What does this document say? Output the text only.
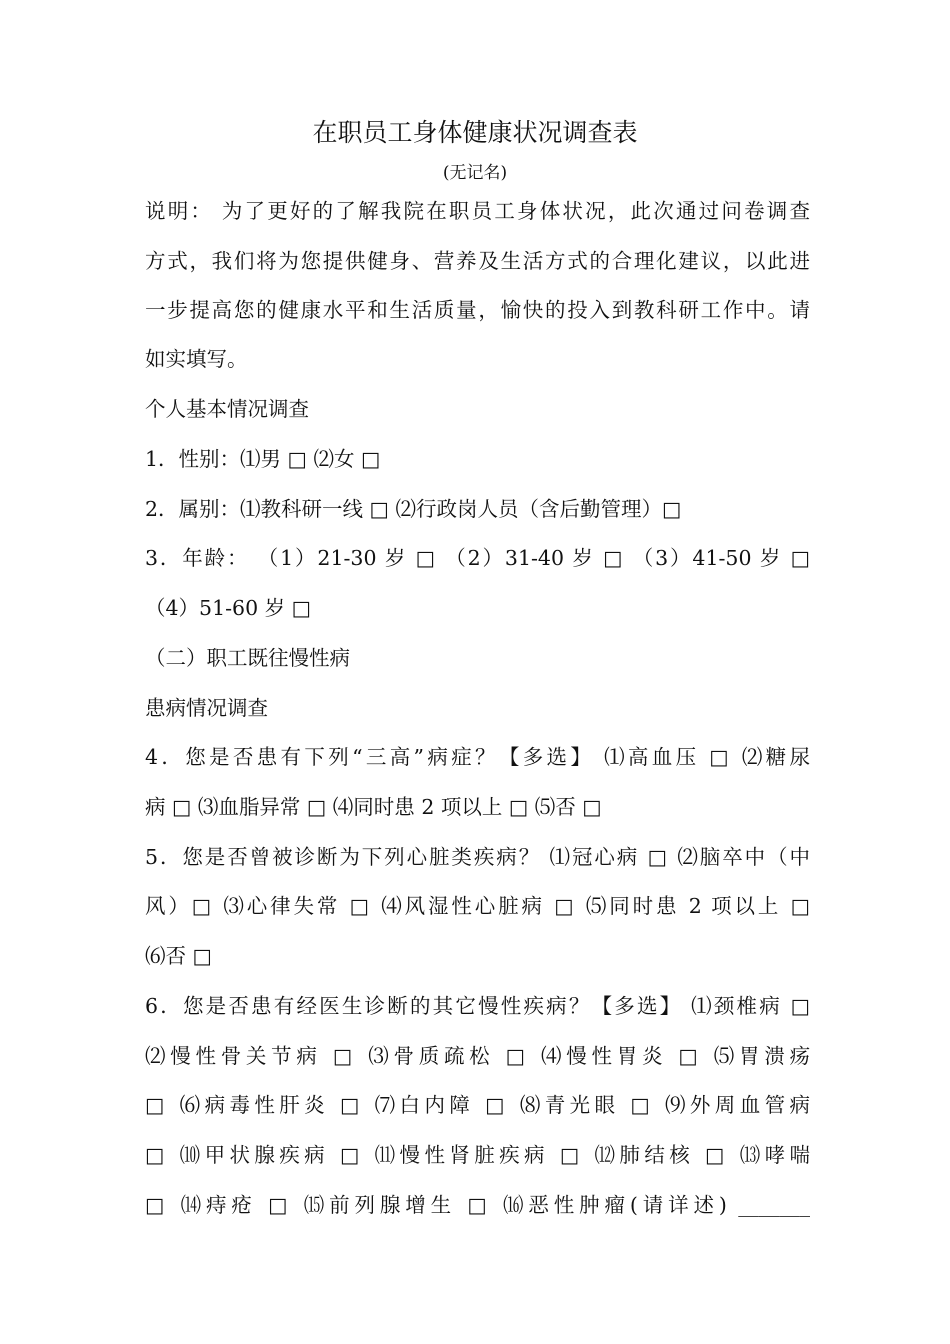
在职员工身体健康状况调查表
(无记名)
说明： 为了更好的了解我院在职员工身体状况，此次通过问卷调查
方式，我们将为您提供健身、营养及生活方式的合理化建议，以此进
一步提高您的健康水平和生活质量，愉快的投入到教科研工作中。请
如实填写。
个人基本情况调查
1．性别：⑴男 □ ⑵女 □
2．属别：⑴教科研一线 □ ⑵行政岗人员（含后勤管理）□
3．年龄： （1）21-30 岁 □ （2）31-40 岁 □ （3）41-50 岁 □
（4）51-60 岁 □
（二）职工既往慢性病
患病情况调查
4．您是否患有下列“三高”病症？【多选】 ⑴高血压 □ ⑵糖尿
病 □ ⑶血脂异常 □ ⑷同时患 2 项以上 □ ⑸否 □
5．您是否曾被诊断为下列心脏类疾病？ ⑴冠心病 □ ⑵脑卒中（中
风）□ ⑶心律失常 □ ⑷风湿性心脏病 □ ⑸同时患 2 项以上 □
⑹否 □
6．您是否患有经医生诊断的其它慢性疾病？【多选】 ⑴颈椎病 □
⑵慢性骨关节病 □ ⑶骨质疏松 □ ⑷慢性胃炎 □ ⑸胃溃疡
□ ⑹病毒性肝炎 □ ⑺白内障 □ ⑻青光眼 □ ⑼外周血管病
□ ⑽甲状腺疾病 □ ⑾慢性肾脏疾病 □ ⑿肺结核 □ ⒀哮喘
□ ⒁痔疮 □ ⒂前列腺增生 □ ⒃恶性肿瘤(请详述) _______
